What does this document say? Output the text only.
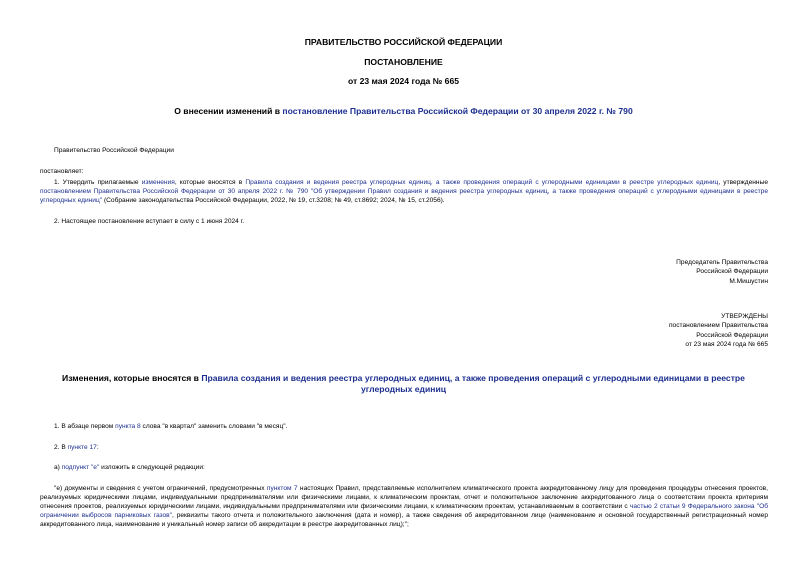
ПРАВИТЕЛЬСТВО РОССИЙСКОЙ ФЕДЕРАЦИИ
ПОСТАНОВЛЕНИЕ
от 23 мая 2024 года № 665
О внесении изменений в постановление Правительства Российской Федерации от 30 апреля 2022 г. № 790
Правительство Российской Федерации
постановляет:
1. Утвердить прилагаемые изменения, которые вносятся в Правила создания и ведения реестра углеродных единиц, а также проведения операций с углеродными единицами в реестре углеродных единиц, утвержденные постановлением Правительства Российской Федерации от 30 апреля 2022 г. № 790 "Об утверждении Правил создания и ведения реестра углеродных единиц, а также проведения операций с углеродными единицами в реестре углеродных единиц" (Собрание законодательства Российской Федерации, 2022, № 19, ст.3208; № 49, ст.8692; 2024, № 15, ст.2056).
2. Настоящее постановление вступает в силу с 1 июня 2024 г.
Председатель Правительства
Российской Федерации
М.Мишустин
УТВЕРЖДЕНЫ
постановлением Правительства
Российской Федерации
от 23 мая 2024 года № 665
Изменения, которые вносятся в Правила создания и ведения реестра углеродных единиц, а также проведения операций с углеродными единицами в реестре углеродных единиц
1. В абзаце первом пункта 8 слова "в квартал" заменить словами "в месяц".
2. В пункте 17:
а) подпункт "е" изложить в следующей редакции:
"е) документы и сведения с учетом ограничений, предусмотренных пунктом 7 настоящих Правил, представляемые исполнителем климатического проекта аккредитованному лицу для проведения процедуры отнесения проектов, реализуемых юридическими лицами, индивидуальными предпринимателями или физическими лицами, к климатическим проектам, отчет и положительное заключение аккредитованного лица о соответствии проекта критериям отнесения проектов, реализуемых юридическими лицами, индивидуальными предпринимателями или физическими лицами, к климатическим проектам, устанавливаемым в соответствии с частью 2 статьи 9 Федерального закона "Об ограничении выбросов парниковых газов", реквизиты такого отчета и положительного заключения (дата и номер), а также сведения об аккредитованном лице (наименование и основной государственный регистрационный номер аккредитованного лица, наименование и уникальный номер записи об аккредитации в реестре аккредитованных лиц);";
